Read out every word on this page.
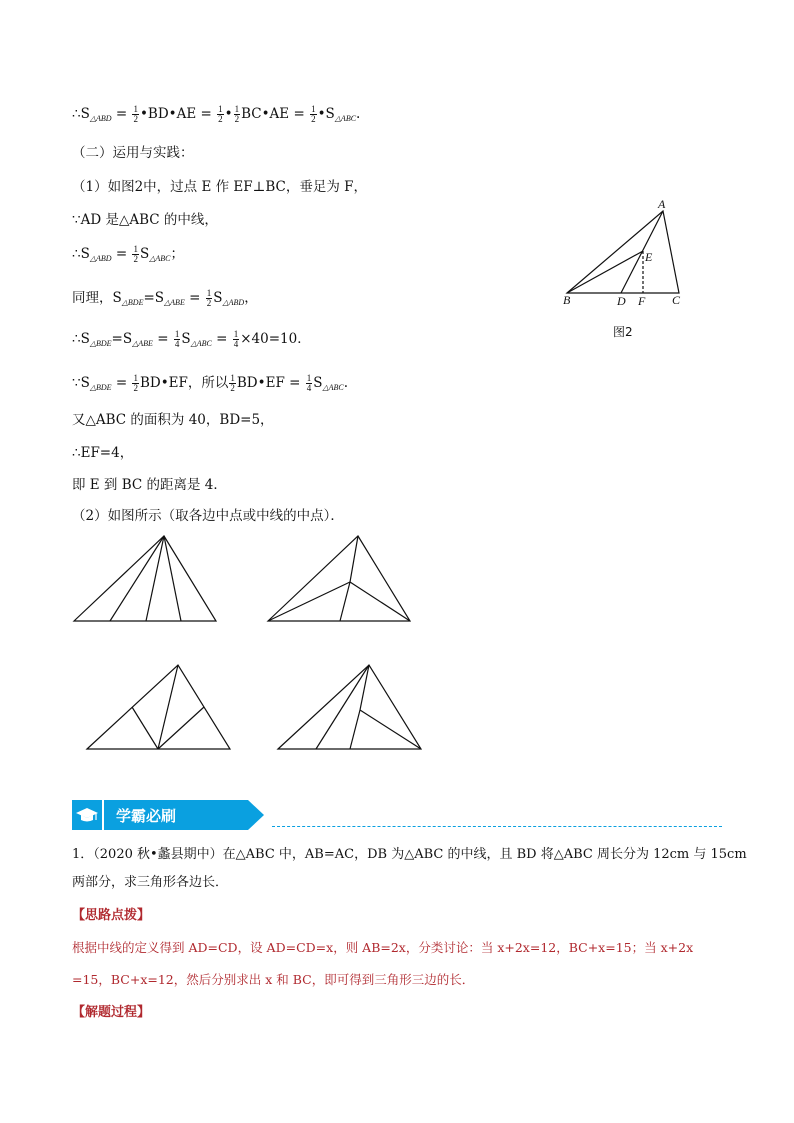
$\therefore S_{\triangle ABD} = \frac{1}{2}$ •BD•AE = $\frac{1}{2}$ • $\frac{1}{2}$ BC•AE = $\frac{1}{2}$ $•S_{\triangle ABC}$.
（二）运用与实践：
（1）如图2中，过点 E 作 EF⊥BC，垂足为 F，
∵AD 是△ABC 的中线，
$\therefore S_{\triangle ABD} = \frac{1}{2} S_{\triangle ABC}$；
同理，$S_{\triangle BDE}=S_{\triangle ABE} = \frac{1}{2} S_{\triangle ABD}$，
$\therefore S_{\triangle BDE}=S_{\triangle ABE} = \frac{1}{4} S_{\triangle ABC} = \frac{1}{4} \times 40=10$．
$\because S_{\triangle BDE} = \frac{1}{2}$ BD•EF，所以 $\frac{1}{2}$ BD•EF = $\frac{1}{4} S_{\triangle ABC}$.
又△ABC 的面积为 40，BD=5，
∴EF=4，
即 E 到 BC 的距离是 4．
（2）如图所示（取各边中点或中线的中点）．
A
B	C
D
E
F
图2
学霸必刷
1．（2020 秋•蠡县期中）在△ABC 中，AB=AC，DB 为△ABC 的中线，且 BD 将△ABC 周长分为 12cm 与 15cm
两部分，求三角形各边长．
【思路点拨】
根据中线的定义得到 AD=CD，设 AD=CD=x，则 AB=2x，分类讨论：当 x+2x=12，BC+x=15；当 x+2x
=15，BC+x=12，然后分别求出 x 和 BC，即可得到三角形三边的长．
【解题过程】
